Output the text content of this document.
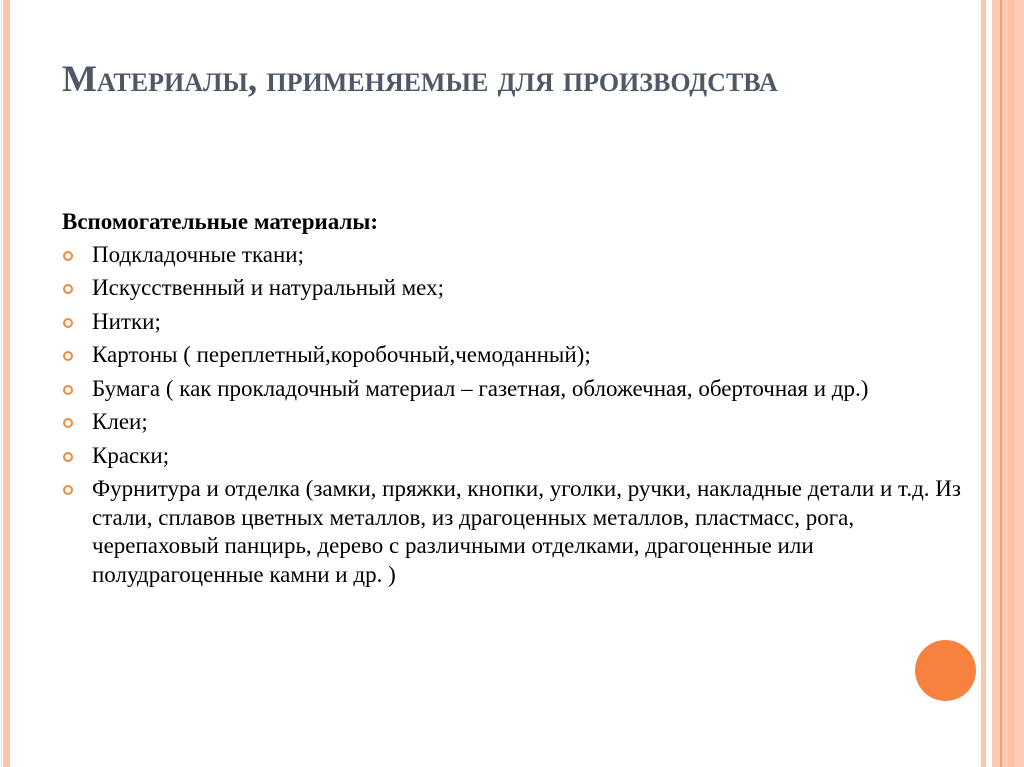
Материалы, применяемые для производства
Вспомогательные материалы:
Подкладочные ткани;
Искусственный и натуральный мех;
Нитки;
Картоны ( переплетный,коробочный,чемоданный);
Бумага ( как прокладочный материал – газетная, обложечная, оберточная и др.)
Клеи;
Краски;
Фурнитура и отделка (замки, пряжки, кнопки, уголки, ручки, накладные детали и т.д. Из стали, сплавов цветных металлов, из драгоценных металлов, пластмасс, рога, черепаховый панцирь, дерево с различными отделками, драгоценные или полудрагоценные камни и др. )
